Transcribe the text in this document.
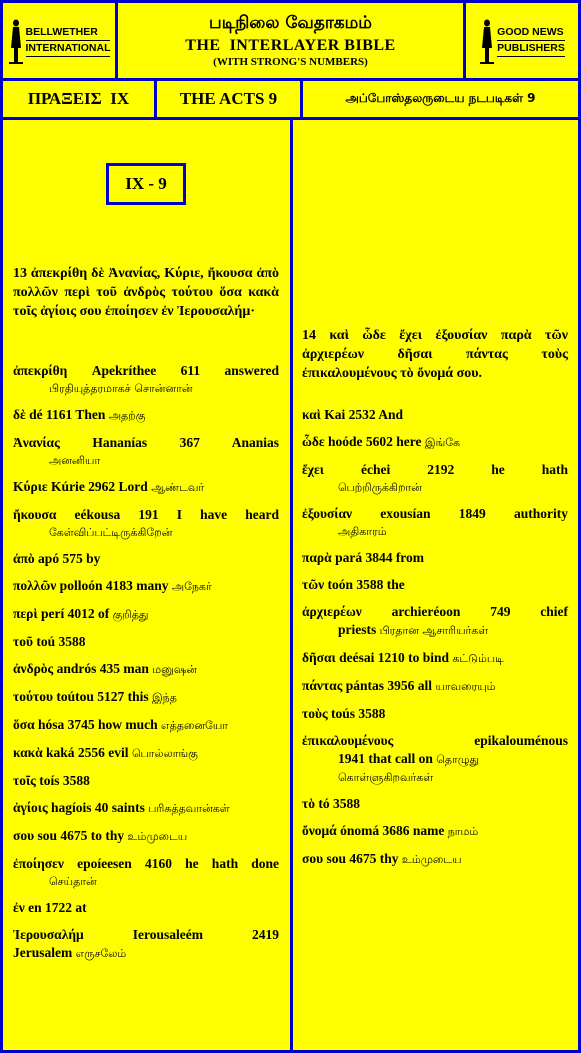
BELLWETHER
INTERNATIONAL
படிநிலை வேதாகமம்
THE  INTERLAYER BIBLE
(WITH STRONG'S NUMBERS)
GOOD NEWS
PUBLISHERS
ΠΡΑΞΕΙΣ  IX	THE ACTS 9	அப்போஸ்தலருடைய நடபடிகள் 9
IX - 9
13 ἀπεκρίθη δὲ Ἀνανίας, Κύριε, ἤκουσα ἀπὸ πολλῶν περὶ τοῦ ἀνδρὸς τούτου ὅσα κακὰ τοῖς ἁγίοις σου ἐποίησεν ἐν Ἰερουσαλήμ·
14 καὶ ὧδε ἔχει ἐξουσίαν παρὰ τῶν ἀρχιερέων δῆσαι πάντας τοὺς ἐπικαλουμένους τὸ ὄνομά σου.
ἀπεκρίθη Apekríthee 611 answered
பிரதியுத்தரமாகச் சொன்னான்
δὲ dé 1161 Then அதற்கு
Ἀνανίας Hananías 367 Ananias
அனனியா
Κύριε Kúrie 2962 Lord ஆண்டவர்
ἤκουσα eékousa 191 I have heard
கேள்விப்பட்டிருக்கிறேன்
ἀπὸ apó 575 by
πολλῶν polloón 4183 many அநேகர்
περὶ perí 4012 of குறித்து
τοῦ toú 3588
ἀνδρὸς andrós 435 man மனுஷன்
τούτου toútou 5127 this இந்த
ὅσα hósa 3745 how much எத்தனையோ
κακὰ kaká 2556 evil பொல்லாங்கு
τοῖς toís 3588
ἁγίοις hagíois 40 saints பரிசுத்தவான்கள்
σου sou 4675 to thy உம்முடைய
ἐποίησεν epoíeesen 4160 he hath done
செய்தான்
ἐν en 1722 at
Ἰερουσαλήμ Ierousaleém 2419
Jerusalem எருசலேம்
καὶ Kai 2532 And
ὧδε hoóde 5602 here இங்கே
ἔχει échei 2192 he hath
பெற்றிருக்கிறான்
ἐξουσίαν exousían 1849 authority
அதிகாரம்
παρὰ pará 3844 from
τῶν toón 3588 the
ἀρχιερέων archieréoon 749 chief
priests பிரதான ஆசாரியர்கள்
δῆσαι deésai 1210 to bind கட்டும்படி
πάντας pántas 3956 all யாவரையும்
τοὺς toús 3588
ἐπικαλουμένους epikalouménous
1941 that call on தொழுது
கொள்ளுகிறவர்கள்
τὸ tó 3588
ὄνομά ónomá 3686 name நாமம்
σου sou 4675 thy உம்முடைய
